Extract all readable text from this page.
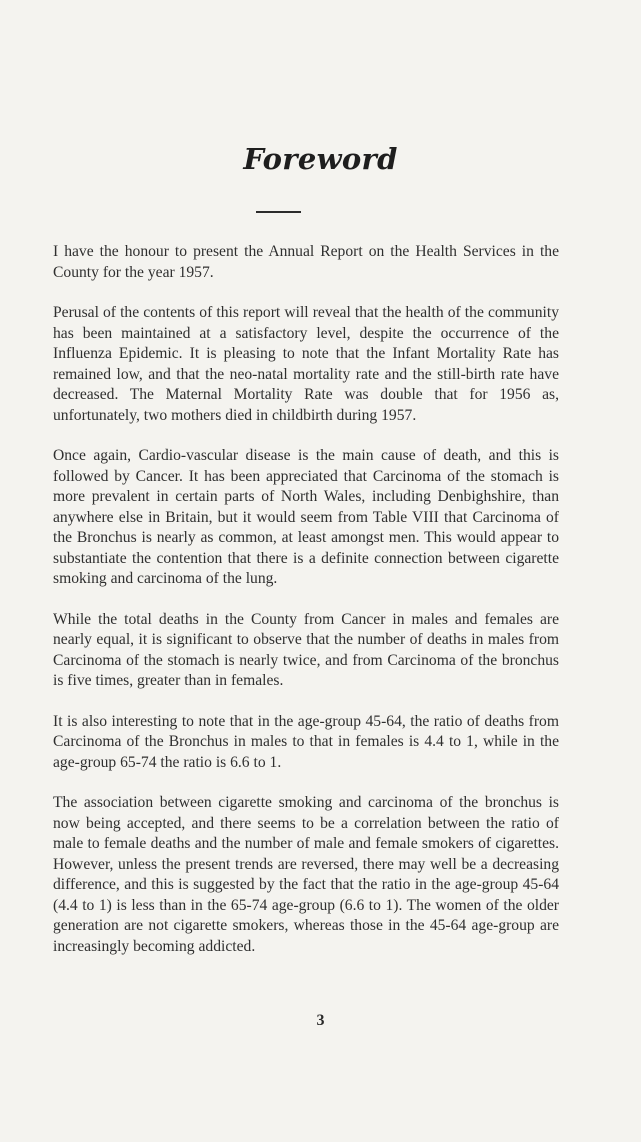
Foreword

I have the honour to present the Annual Report on the Health Services in the County for the year 1957.

Perusal of the contents of this report will reveal that the health of the community has been maintained at a satisfactory level, despite the occurrence of the Influenza Epidemic. It is pleasing to note that the Infant Mortality Rate has remained low, and that the neo-natal mortality rate and the still-birth rate have decreased. The Maternal Mortality Rate was double that for 1956 as, unfortunately, two mothers died in childbirth during 1957.

Once again, Cardio-vascular disease is the main cause of death, and this is followed by Cancer. It has been appreciated that Carcinoma of the stomach is more prevalent in certain parts of North Wales, including Denbighshire, than anywhere else in Britain, but it would seem from Table VIII that Carcinoma of the Bronchus is nearly as common, at least amongst men. This would appear to substantiate the contention that there is a definite connection between cigarette smoking and carcinoma of the lung.

While the total deaths in the County from Cancer in males and females are nearly equal, it is significant to observe that the number of deaths in males from Carcinoma of the stomach is nearly twice, and from Carcinoma of the bronchus is five times, greater than in females.

It is also interesting to note that in the age-group 45-64, the ratio of deaths from Carcinoma of the Bronchus in males to that in females is 4.4 to 1, while in the age-group 65-74 the ratio is 6.6 to 1.

The association between cigarette smoking and carcinoma of the bronchus is now being accepted, and there seems to be a correlation between the ratio of male to female deaths and the number of male and female smokers of cigarettes. However, unless the present trends are reversed, there may well be a decreasing difference, and this is suggested by the fact that the ratio in the age-group 45-64 (4.4 to 1) is less than in the 65-74 age-group (6.6 to 1). The women of the older generation are not cigarette smokers, whereas those in the 45-64 age-group are increasingly becoming addicted.

3
